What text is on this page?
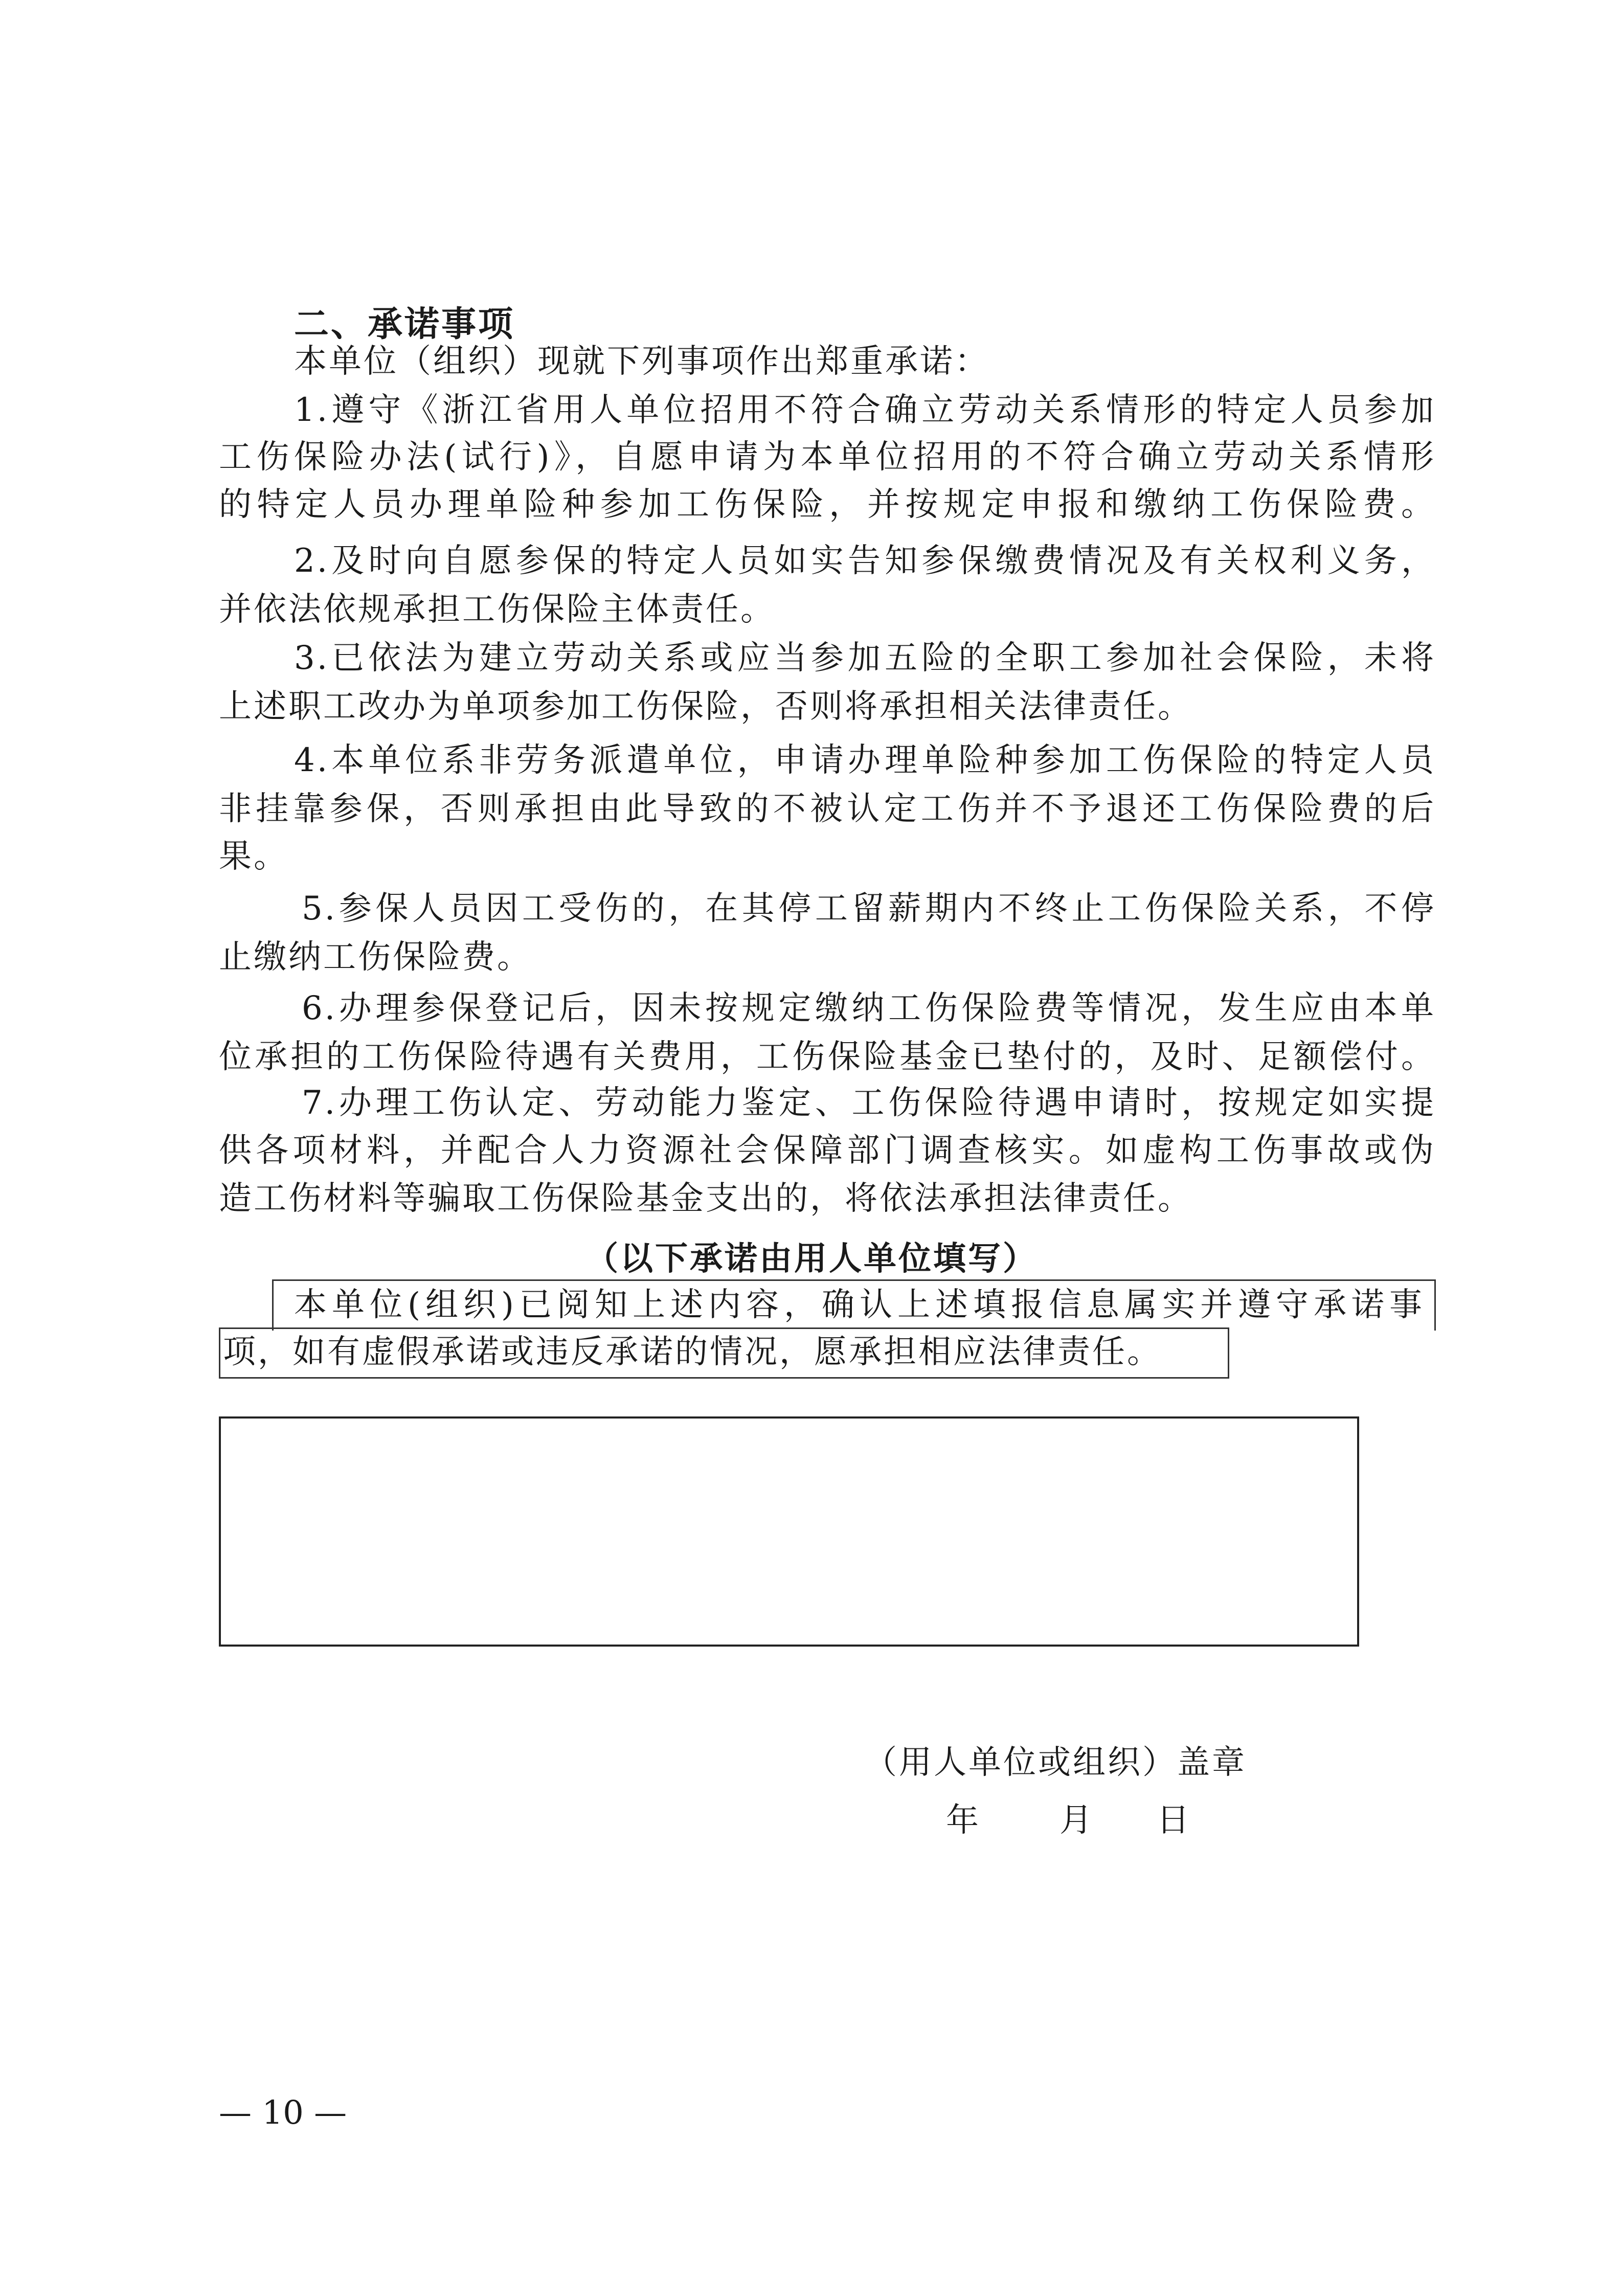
二、承诺事项
本单位（组织）现就下列事项作出郑重承诺：
1.遵守《浙江省用人单位招用不符合确立劳动关系情形的特定人员参加
工伤保险办法(试行)》，自愿申请为本单位招用的不符合确立劳动关系情形
的特定人员办理单险种参加工伤保险，并按规定申报和缴纳工伤保险费。
2.及时向自愿参保的特定人员如实告知参保缴费情况及有关权利义务，
并依法依规承担工伤保险主体责任。
3.已依法为建立劳动关系或应当参加五险的全职工参加社会保险，未将
上述职工改办为单项参加工伤保险，否则将承担相关法律责任。
4.本单位系非劳务派遣单位，申请办理单险种参加工伤保险的特定人员
非挂靠参保，否则承担由此导致的不被认定工伤并不予退还工伤保险费的后
果。
5.参保人员因工受伤的，在其停工留薪期内不终止工伤保险关系，不停
止缴纳工伤保险费。
6.办理参保登记后，因未按规定缴纳工伤保险费等情况，发生应由本单
位承担的工伤保险待遇有关费用，工伤保险基金已垫付的，及时、足额偿付。
7.办理工伤认定、劳动能力鉴定、工伤保险待遇申请时，按规定如实提
供各项材料，并配合人力资源社会保障部门调查核实。如虚构工伤事故或伪
造工伤材料等骗取工伤保险基金支出的，将依法承担法律责任。
（以下承诺由用人单位填写）
本单位(组织)已阅知上述内容，确认上述填报信息属实并遵守承诺事
项，如有虚假承诺或违反承诺的情况，愿承担相应法律责任。
（用人单位或组织）盖章
年 月 日
— 10 —
